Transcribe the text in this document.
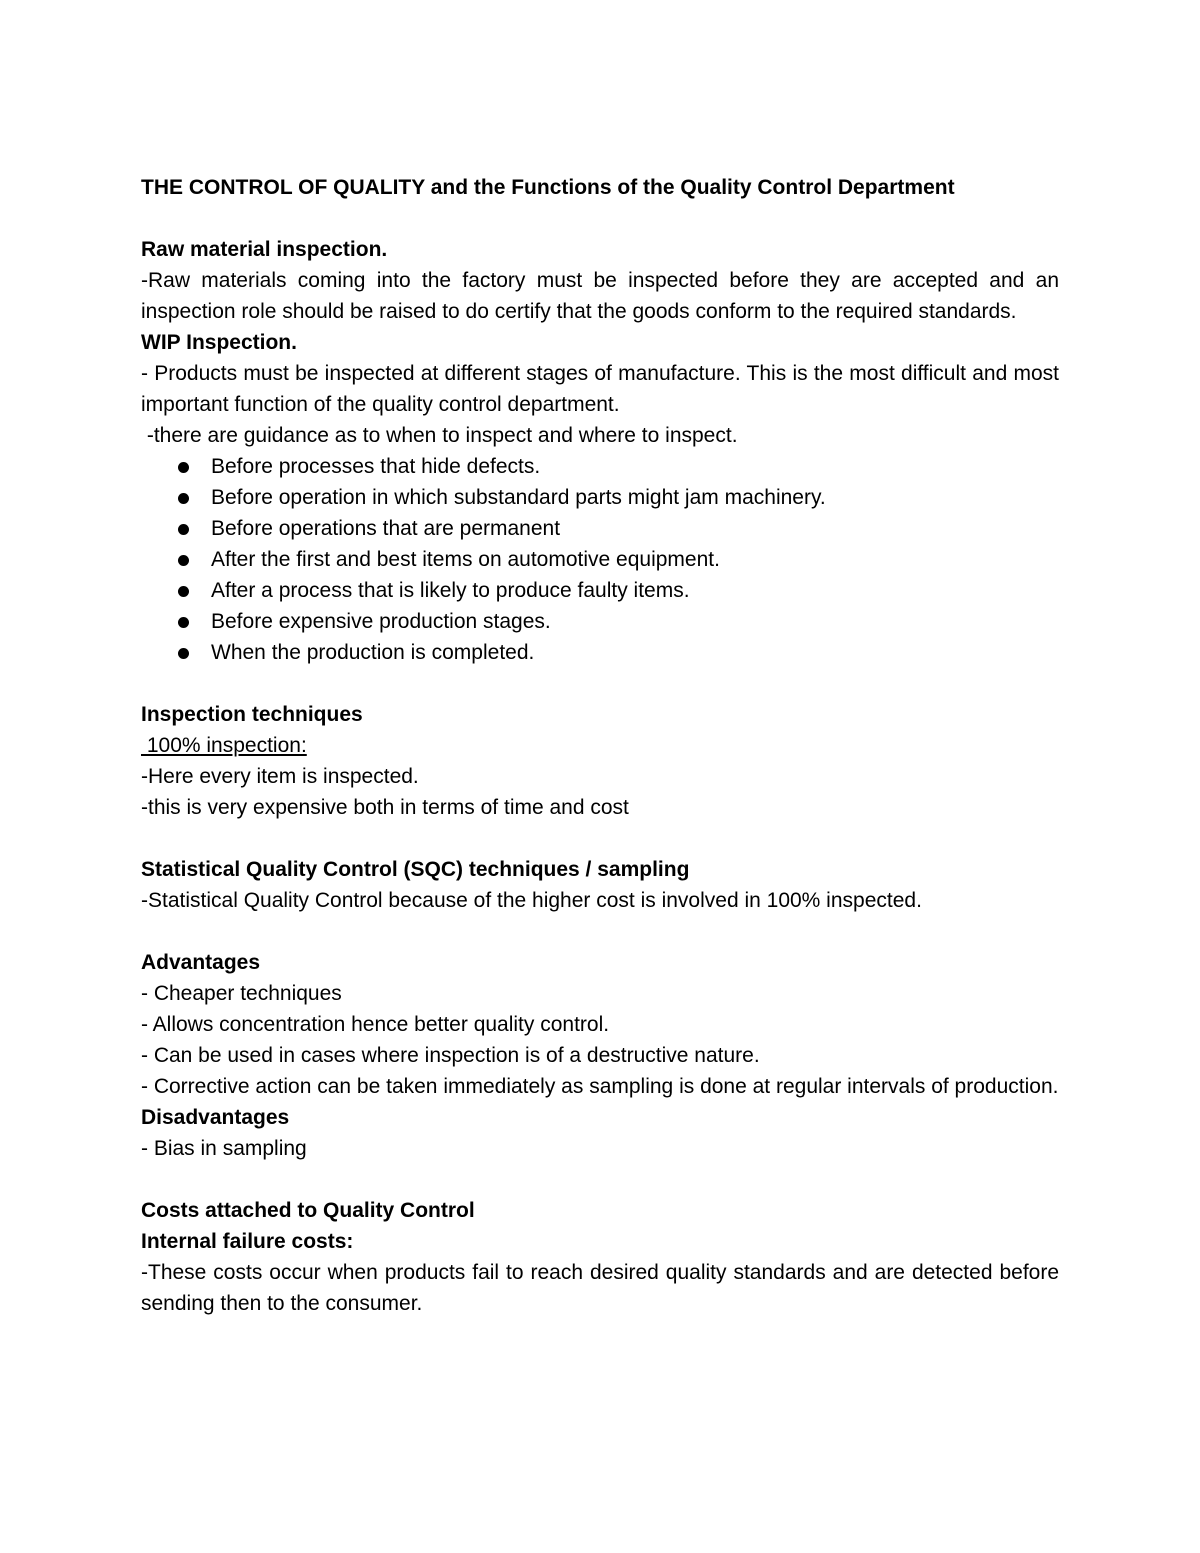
THE CONTROL OF QUALITY and the Functions of the Quality Control Department

Raw material inspection.

-Raw materials coming into the factory must be inspected before they are accepted and an inspection role should be raised to do certify that the goods conform to the required standards.

WIP Inspection.

- Products must be inspected at different stages of manufacture. This is the most difficult and most important function of the quality control department.

-there are guidance as to when to inspect and where to inspect.

Before processes that hide defects.
Before operation in which substandard parts might jam machinery.
Before operations that are permanent
After the first and best items on automotive equipment.
After a process that is likely to produce faulty items.
Before expensive production stages.
When the production is completed.

Inspection techniques

100% inspection:

-Here every item is inspected.

-this is very expensive both in terms of time and cost

Statistical Quality Control (SQC) techniques / sampling

-Statistical Quality Control because of the higher cost is involved in 100% inspected.

Advantages

- Cheaper techniques

- Allows concentration hence better quality control.

- Can be used in cases where inspection is of a destructive nature.

- Corrective action can be taken immediately as sampling is done at regular intervals of production.

Disadvantages

- Bias in sampling

Costs attached to Quality Control

Internal failure costs:

-These costs occur when products fail to reach desired quality standards and are detected before sending then to the consumer.
